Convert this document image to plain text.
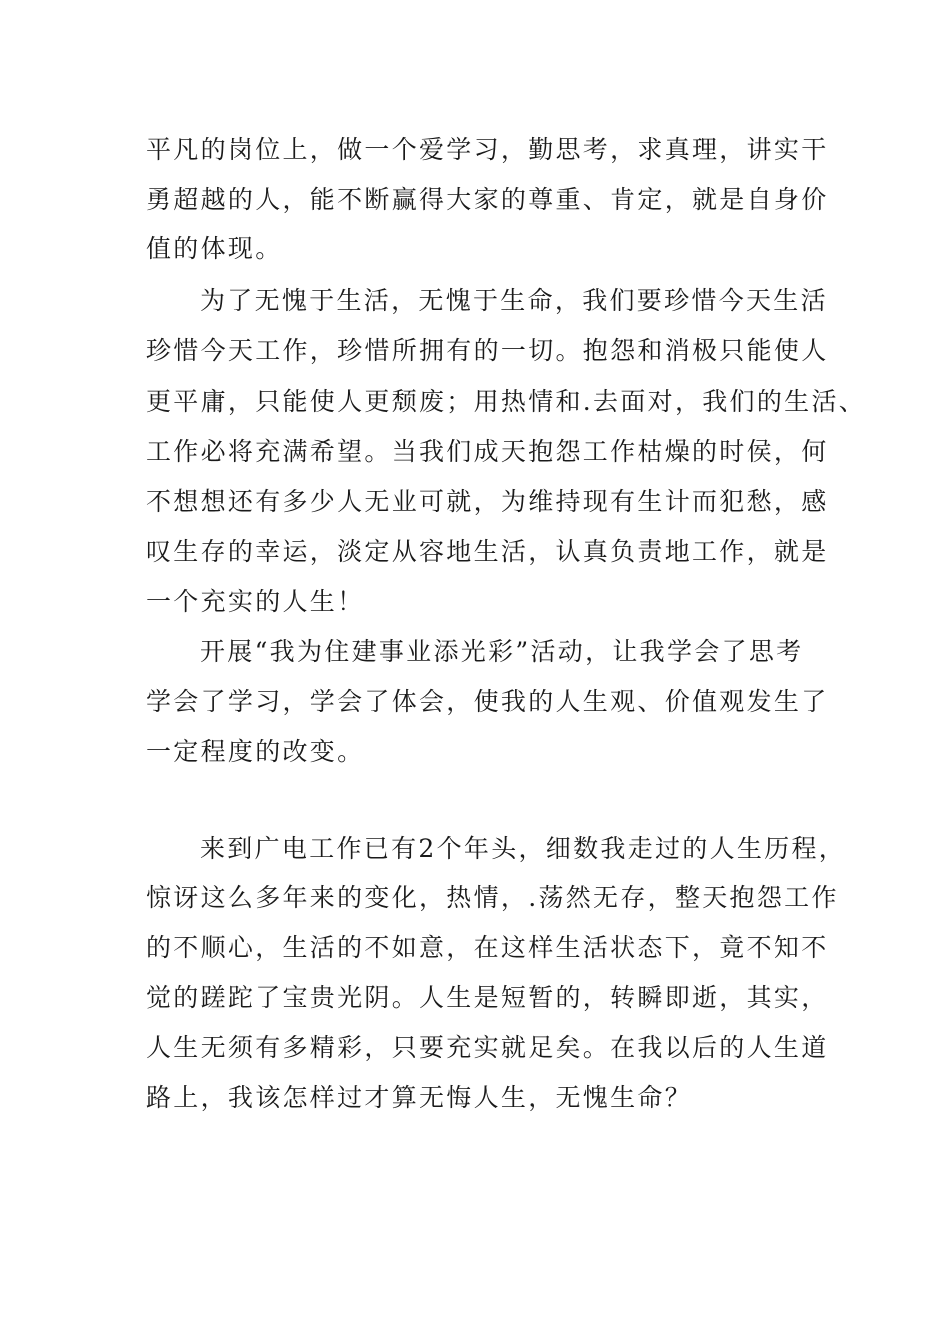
平凡的岗位上，做一个爱学习，勤思考，求真理，讲实干
勇超越的人，能不断赢得大家的尊重、肯定，就是自身价
值的体现。
为了无愧于生活，无愧于生命，我们要珍惜今天生活
珍惜今天工作，珍惜所拥有的一切。抱怨和消极只能使人
更平庸，只能使人更颓废；用热情和.去面对，我们的生活、
工作必将充满希望。当我们成天抱怨工作枯燥的时侯，何
不想想还有多少人无业可就，为维持现有生计而犯愁，感
叹生存的幸运，淡定从容地生活，认真负责地工作，就是
一个充实的人生！
开展“我为住建事业添光彩”活动，让我学会了思考
学会了学习，学会了体会，使我的人生观、价值观发生了
一定程度的改变。
来到广电工作已有2个年头，细数我走过的人生历程，
惊讶这么多年来的变化，热情，.荡然无存，整天抱怨工作
的不顺心，生活的不如意，在这样生活状态下，竟不知不
觉的蹉跎了宝贵光阴。人生是短暂的，转瞬即逝，其实，
人生无须有多精彩，只要充实就足矣。在我以后的人生道
路上，我该怎样过才算无悔人生，无愧生命？
